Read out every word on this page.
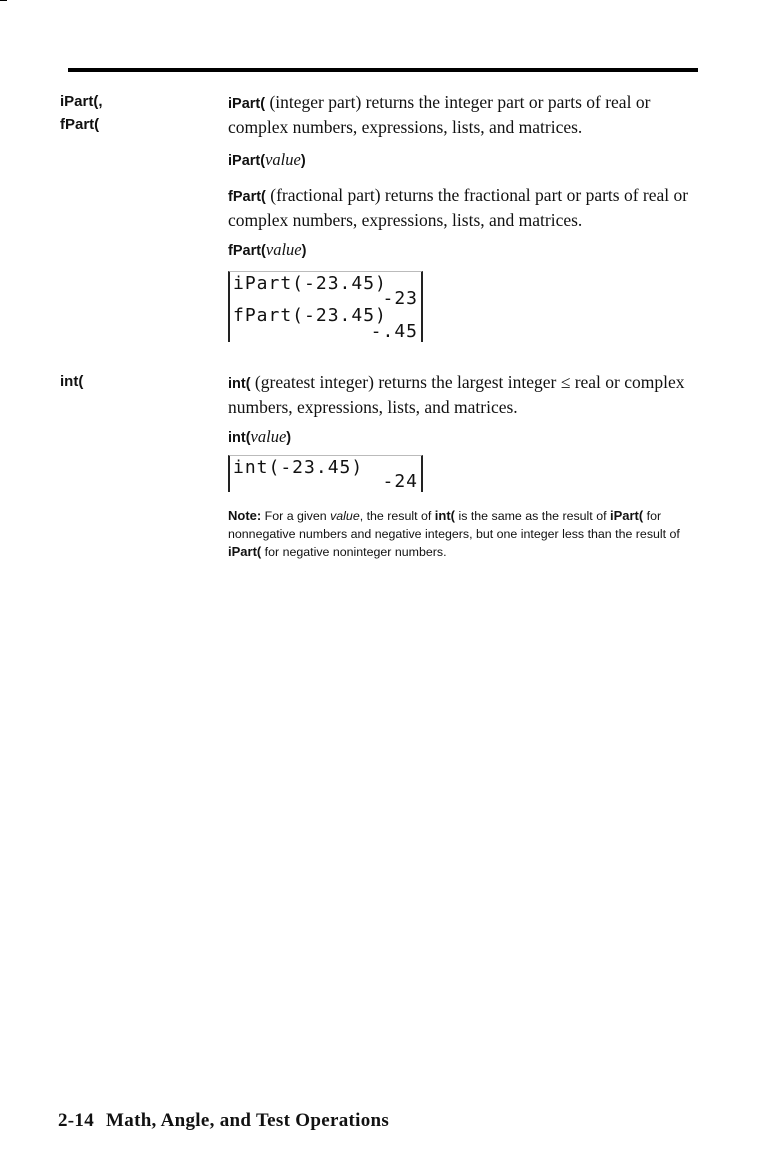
iPart(,
fPart(
int(

iPart( (integer part) returns the integer part or parts of real or complex numbers, expressions, lists, and matrices.

iPart(value)

fPart( (fractional part) returns the fractional part or parts of real or complex numbers, expressions, lists, and matrices.

fPart(value)
iPart(-23.45)
-23
fPart(-23.45)
-.45

int( (greatest integer) returns the largest integer ≤ real or complex numbers, expressions, lists, and matrices.

int(value)
int(-23.45)
-24

Note: For a given value, the result of int( is the same as the result of iPart( for nonnegative numbers and negative integers, but one integer less than the result of iPart( for negative noninteger numbers.

2-14 Math, Angle, and Test Operations
